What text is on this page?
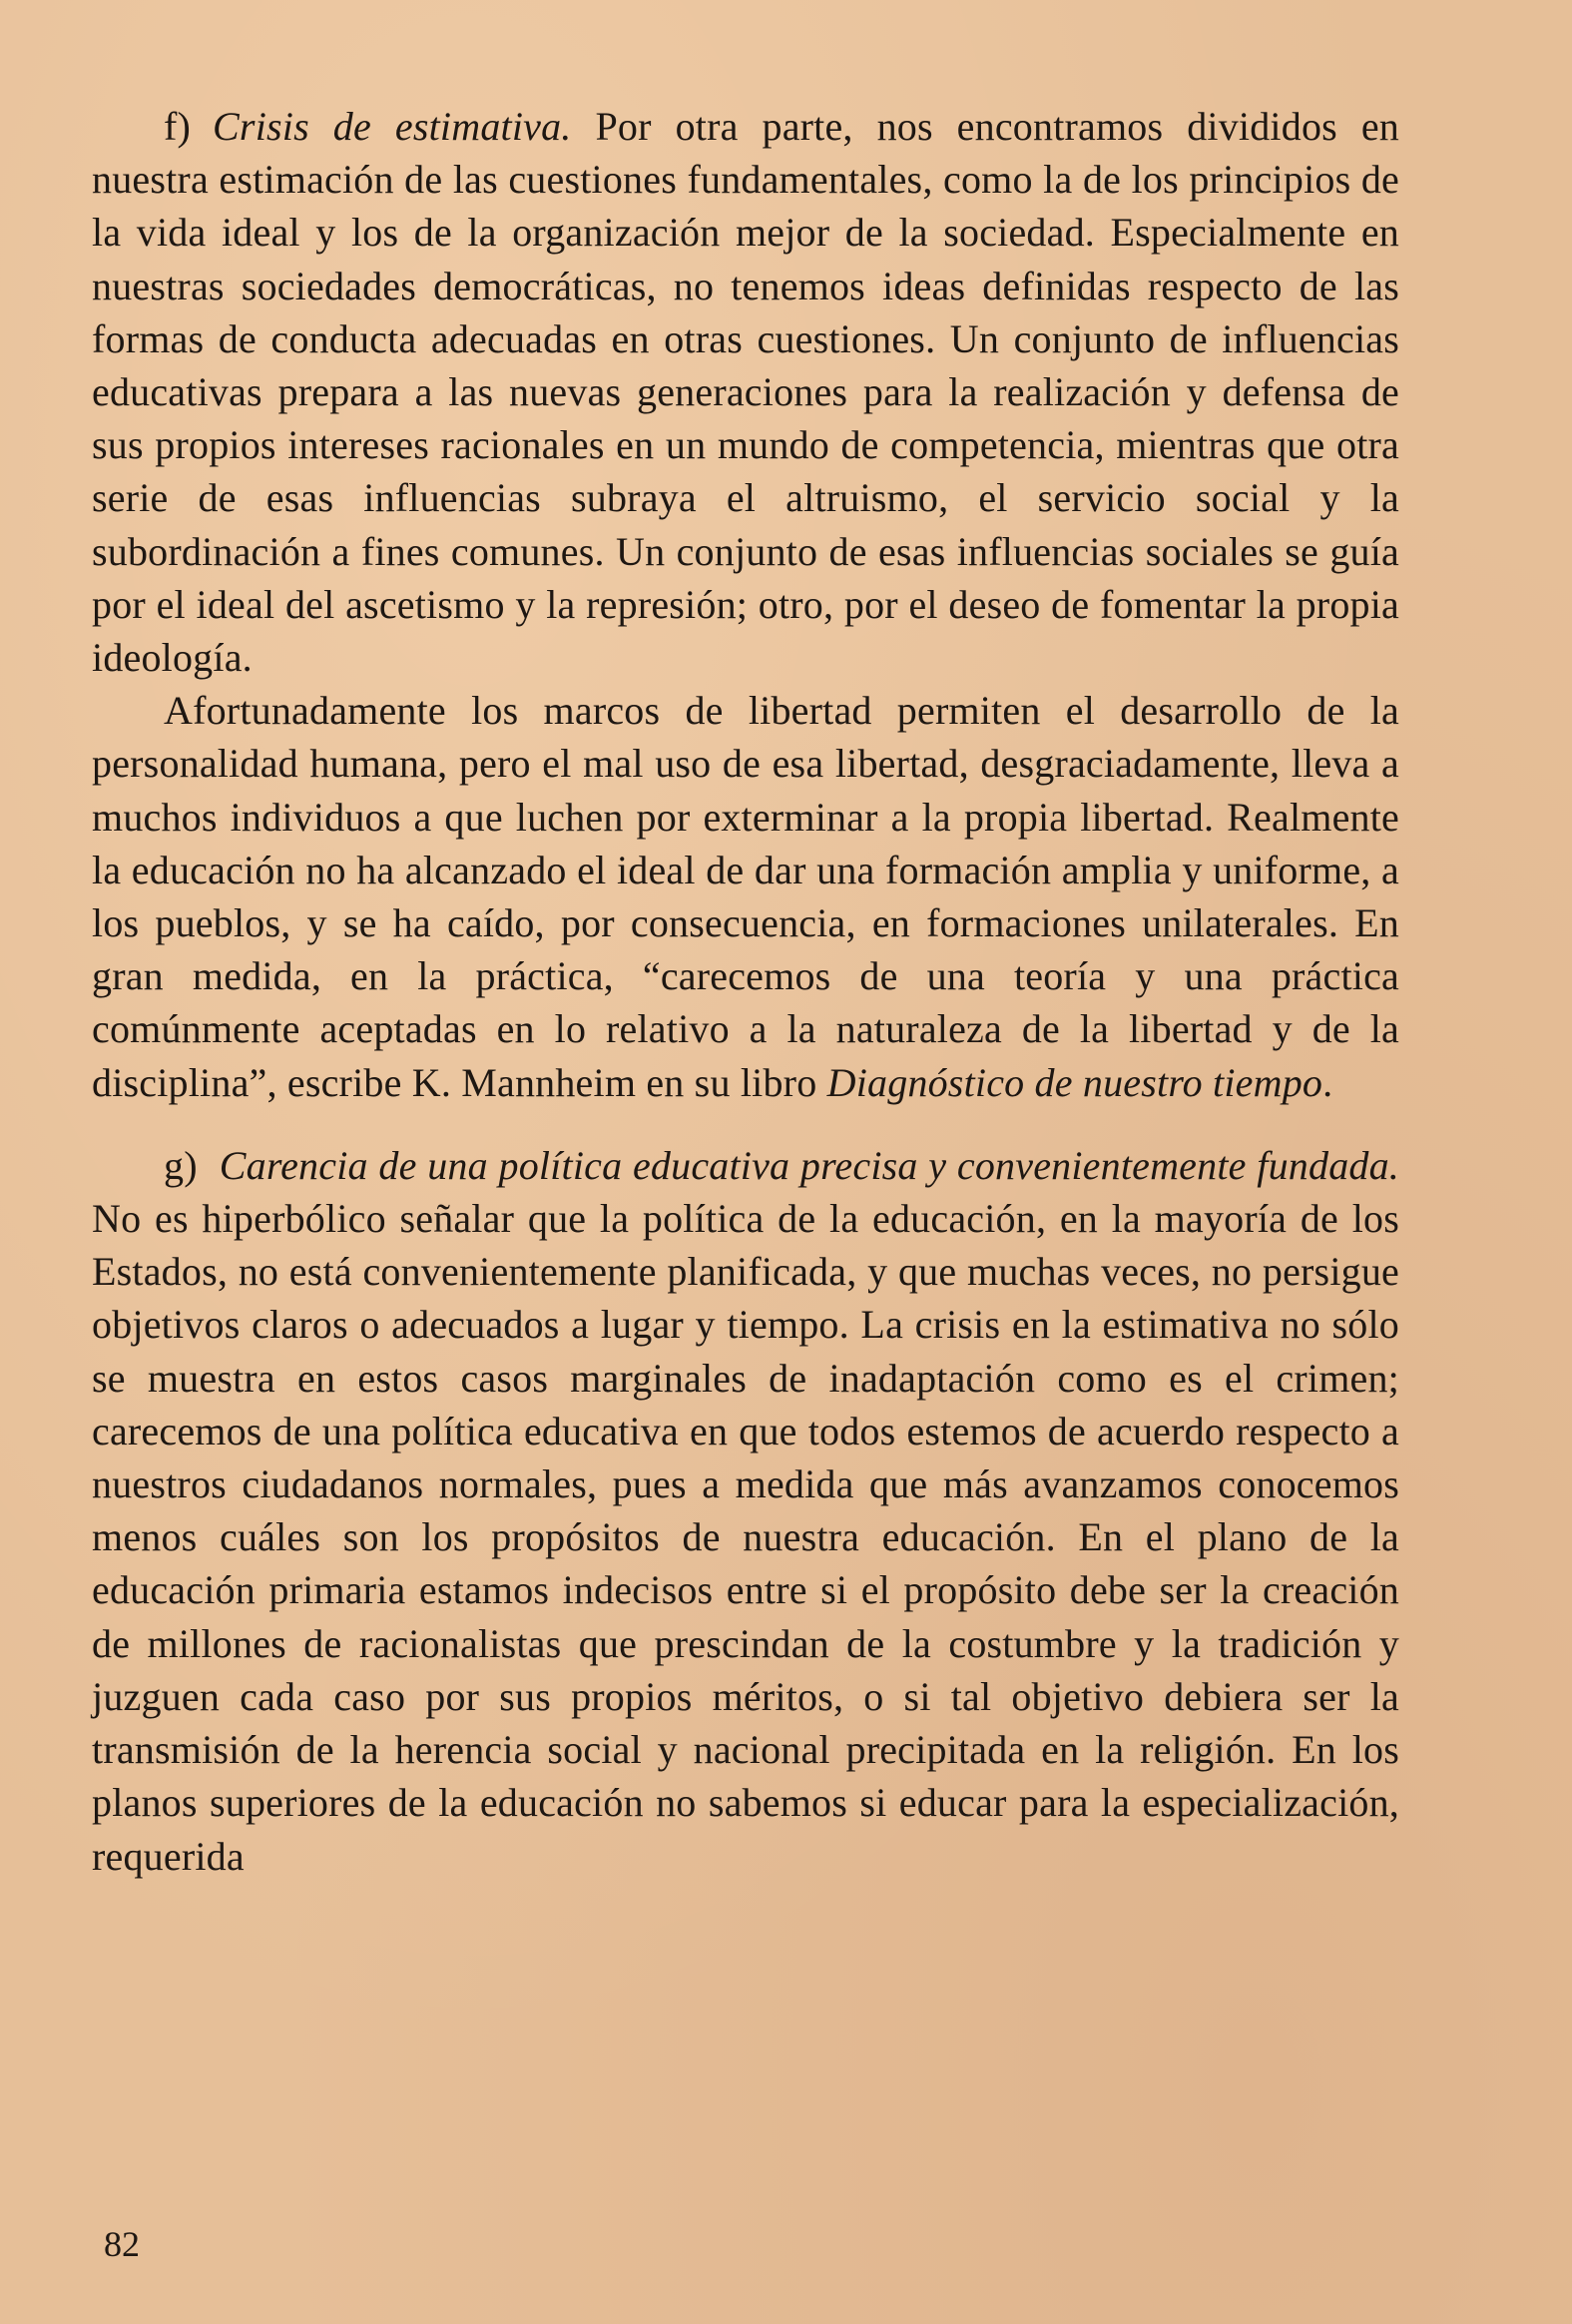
f) Crisis de estimativa. Por otra parte, nos encontramos divididos en nuestra estimación de las cuestiones fundamentales, como la de los principios de la vida ideal y los de la organización mejor de la sociedad. Especialmente en nuestras sociedades democráticas, no tenemos ideas definidas respecto de las formas de conducta adecuadas en otras cuestiones. Un conjunto de influencias educativas prepara a las nuevas generaciones para la realización y defensa de sus propios intereses racionales en un mundo de competencia, mientras que otra serie de esas influencias subraya el altruismo, el servicio social y la subordinación a fines comunes. Un conjunto de esas influencias sociales se guía por el ideal del ascetismo y la represión; otro, por el deseo de fomentar la propia ideología.

Afortunadamente los marcos de libertad permiten el desarrollo de la personalidad humana, pero el mal uso de esa libertad, desgraciadamente, lleva a muchos individuos a que luchen por exterminar a la propia libertad. Realmente la educación no ha alcanzado el ideal de dar una formación amplia y uniforme, a los pueblos, y se ha caído, por consecuencia, en formaciones unilaterales. En gran medida, en la práctica, “carecemos de una teoría y una práctica comúnmente aceptadas en lo relativo a la naturaleza de la libertad y de la disciplina”, escribe K. Mannheim en su libro Diagnóstico de nuestro tiempo.

g) Carencia de una política educativa precisa y convenientemente fundada. No es hiperbólico señalar que la política de la educación, en la mayoría de los Estados, no está convenientemente planificada, y que muchas veces, no persigue objetivos claros o adecuados a lugar y tiempo. La crisis en la estimativa no sólo se muestra en estos casos marginales de inadaptación como es el crimen; carecemos de una política educativa en que todos estemos de acuerdo respecto a nuestros ciudadanos normales, pues a medida que más avanzamos conocemos menos cuáles son los propósitos de nuestra educación. En el plano de la educación primaria estamos indecisos entre si el propósito debe ser la creación de millones de racionalistas que prescindan de la costumbre y la tradición y juzguen cada caso por sus propios méritos, o si tal objetivo debiera ser la transmisión de la herencia social y nacional precipitada en la religión. En los planos superiores de la educación no sabemos si educar para la especialización, requerida

82
